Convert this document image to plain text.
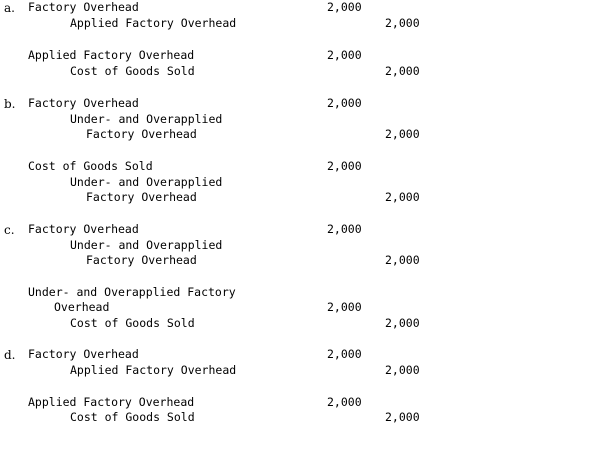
a. Factory Overhead	2,000
Applied Factory Overhead	2,000
Applied Factory Overhead	2,000
Cost of Goods Sold	2,000
b. Factory Overhead	2,000
Under- and Overapplied
Factory Overhead	2,000
Cost of Goods Sold	2,000
Under- and Overapplied
Factory Overhead	2,000
c. Factory Overhead	2,000
Under- and Overapplied
Factory Overhead	2,000
Under- and Overapplied Factory
Overhead	2,000
Cost of Goods Sold	2,000
d. Factory Overhead	2,000
Applied Factory Overhead	2,000
Applied Factory Overhead	2,000
Cost of Goods Sold	2,000
